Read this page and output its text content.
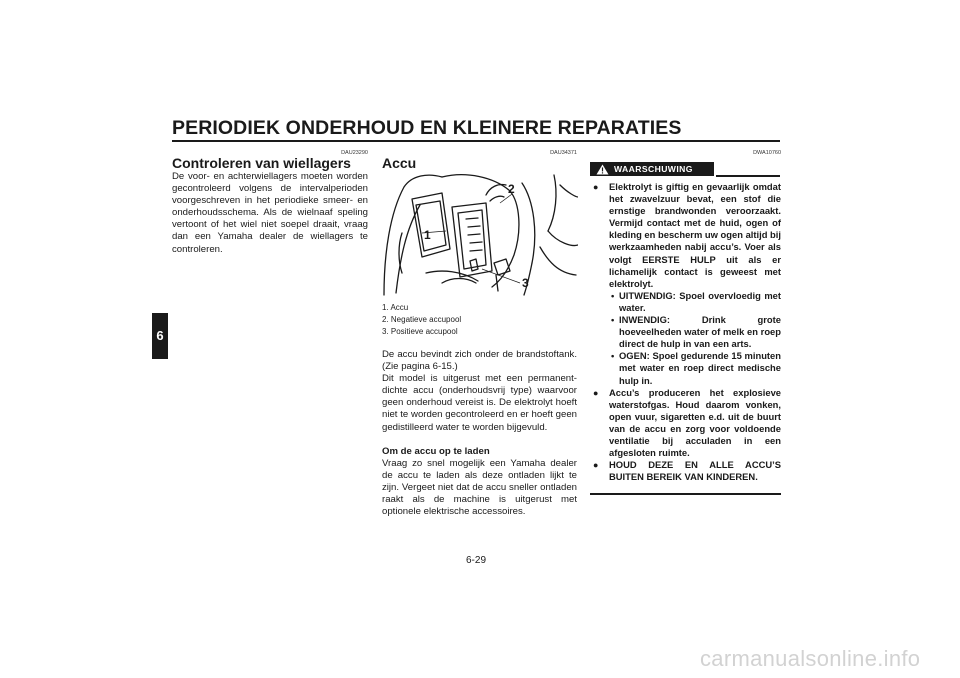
PERIODIEK ONDERHOUD EN KLEINERE REPARATIES
6
DAU23290
Controleren van wiellagers

De voor- en achterwiellagers moeten worden gecontroleerd volgens de intervalperioden voorgeschreven in het periodieke smeer- en onderhoudsschema. Als de wielnaaf speling vertoont of het wiel niet soepel draait, vraag dan een Yamaha dealer de wiellagers te controleren.

DAU34371
Accu
1
2
3
1. Accu
2. Negatieve accupool
3. Positieve accupool

De accu bevindt zich onder de brandstoftank. (Zie pagina 6-15.)

Dit model is uitgerust met een permanent-dichte accu (onderhoudsvrij type) waarvoor geen onderhoud vereist is. De elektrolyt hoeft niet te worden gecontroleerd en er hoeft geen gedistilleerd water te worden bijgevuld.

Om de accu op te laden

Vraag zo snel mogelijk een Yamaha dealer de accu te laden als deze ontladen lijkt te zijn. Vergeet niet dat de accu sneller ontladen raakt als de machine is uitgerust met optionele elektrische accessoires.

DWA10760
WAARSCHUWING
● Elektrolyt is giftig en gevaarlijk omdat het zwavelzuur bevat, een stof die ernstige brandwonden veroorzaakt. Vermijd contact met de huid, ogen of kleding en bescherm uw ogen altijd bij werkzaamheden nabij accu’s. Voer als volgt EERSTE HULP uit als er lichamelijk contact is geweest met elektrolyt.
• UITWENDIG: Spoel overvloedig met water.
• INWENDIG: Drink grote hoeveelheden water of melk en roep direct de hulp in van een arts.
• OGEN: Spoel gedurende 15 minuten met water en roep direct medische hulp in.
● Accu’s produceren het explosieve waterstofgas. Houd daarom vonken, open vuur, sigaretten e.d. uit de buurt van de accu en zorg voor voldoende ventilatie bij acculaden in een afgesloten ruimte.
● HOUD DEZE EN ALLE ACCU’S BUITEN BEREIK VAN KINDEREN.
6-29
carmanualsonline.info
